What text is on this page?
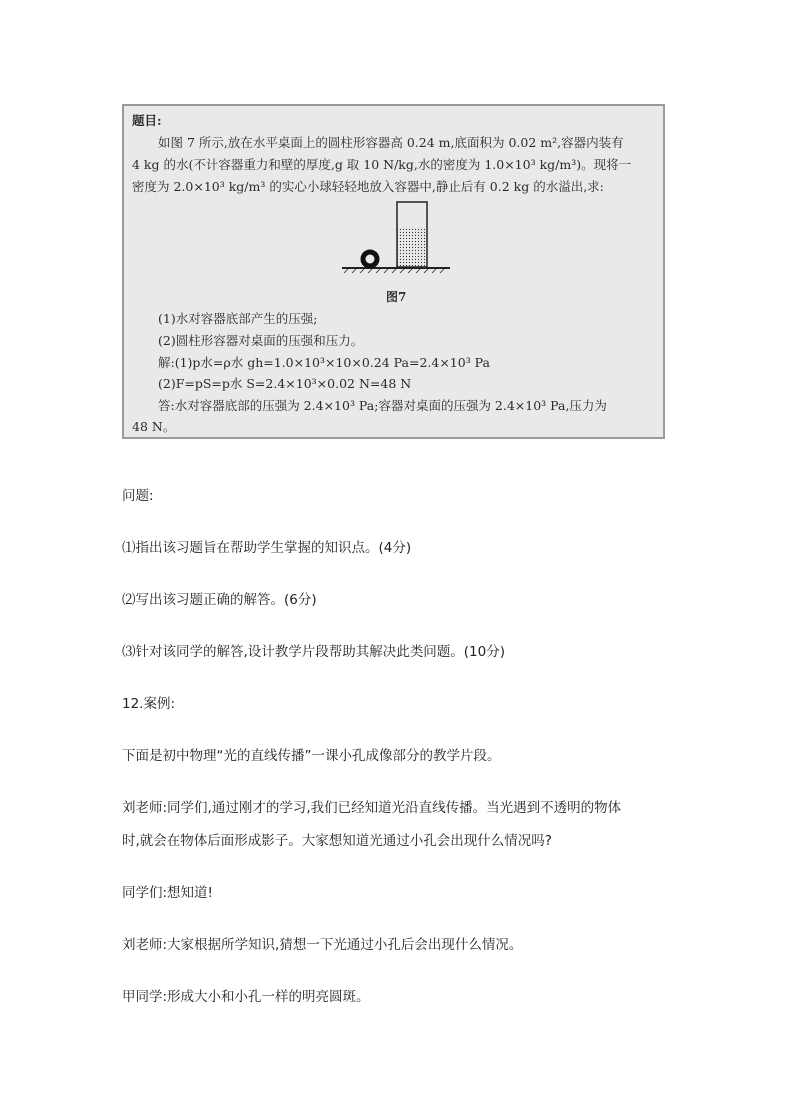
题目:
如图 7 所示,放在水平桌面上的圆柱形容器高 0.24 m,底面积为 0.02 m²,容器内装有
4 kg 的水(不计容器重力和壁的厚度,g 取 10 N/kg,水的密度为 1.0×10³ kg/m³)。现将一
密度为 2.0×10³ kg/m³ 的实心小球轻轻地放入容器中,静止后有 0.2 kg 的水溢出,求:
图7
(1)水对容器底部产生的压强;
(2)圆柱形容器对桌面的压强和压力。
解:(1)p水=ρ水 gh=1.0×10³×10×0.24 Pa=2.4×10³ Pa
(2)F=pS=p水 S=2.4×10³×0.02 N=48 N
答:水对容器底部的压强为 2.4×10³ Pa;容器对桌面的压强为 2.4×10³ Pa,压力为
48 N。
问题:
⑴指出该习题旨在帮助学生掌握的知识点。(4分)
⑵写出该习题正确的解答。(6分)
⑶针对该同学的解答,设计教学片段帮助其解决此类问题。(10分)
12.案例:
下面是初中物理“光的直线传播”一课小孔成像部分的教学片段。
刘老师:同学们,通过刚才的学习,我们已经知道光沿直线传播。当光遇到不透明的物体
时,就会在物体后面形成影子。大家想知道光通过小孔会出现什么情况吗?
同学们:想知道!
刘老师:大家根据所学知识,猜想一下光通过小孔后会出现什么情况。
甲同学:形成大小和小孔一样的明亮圆斑。
